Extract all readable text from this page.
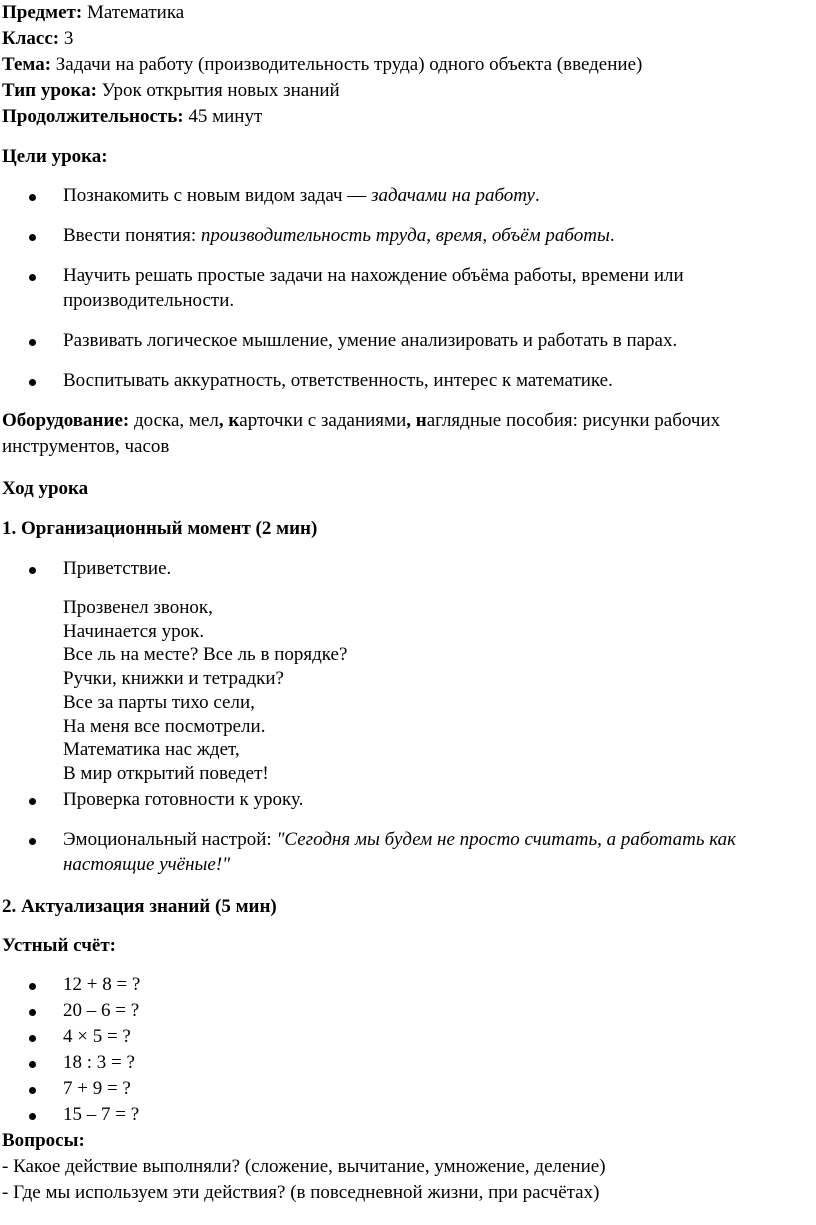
Предмет: Математика
Класс: 3
Тема: Задачи на работу (производительность труда) одного объекта (введение)
Тип урока: Урок открытия новых знаний
Продолжительность: 45 минут
Цели урока:
Познакомить с новым видом задач — задачами на работу.
Ввести понятия: производительность труда, время, объём работы.
Научить решать простые задачи на нахождение объёма работы, времени или
производительности.
Развивать логическое мышление, умение анализировать и работать в парах.
Воспитывать аккуратность, ответственность, интерес к математике.
Оборудование: доска, мел, карточки с заданиями, наглядные пособия: рисунки рабочих
инструментов, часов
Ход урока
1. Организационный момент (2 мин)
Приветствие.
Прозвенел звонок,
Начинается урок.
Все ль на месте? Все ль в порядке?
Ручки, книжки и тетрадки?
Все за парты тихо сели,
На меня все посмотрели.
Математика нас ждет,
В мир открытий поведет!
Проверка готовности к уроку.
Эмоциональный настрой: "Сегодня мы будем не просто считать, а работать как
настоящие учёные!"
2. Актуализация знаний (5 мин)
Устный счёт:
12 + 8 = ?
20 – 6 = ?
4 × 5 = ?
18 : 3 = ?
7 + 9 = ?
15 – 7 = ?
Вопросы:
- Какое действие выполняли? (сложение, вычитание, умножение, деление)
- Где мы используем эти действия? (в повседневной жизни, при расчётах)
